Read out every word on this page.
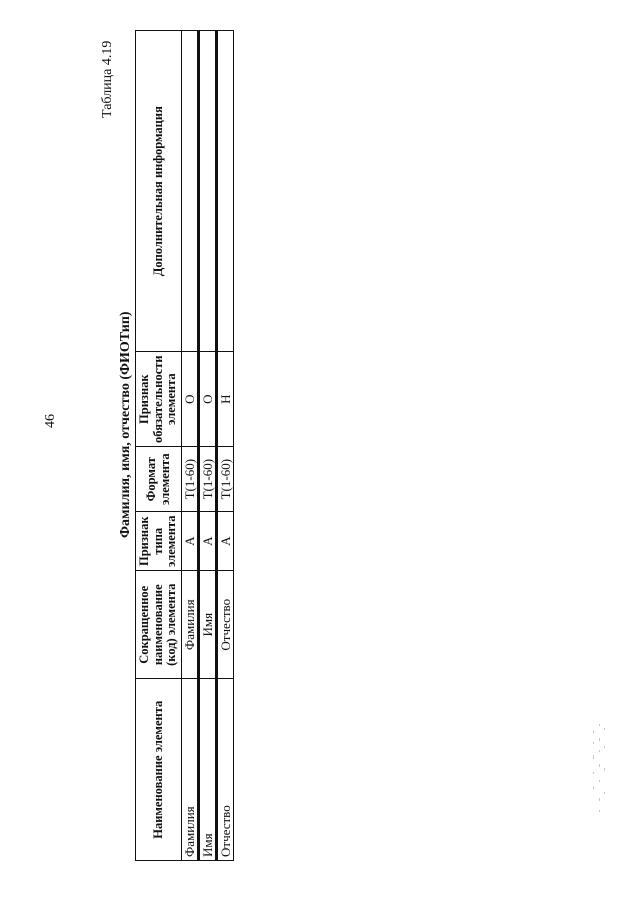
46
Таблица 4.19
Фамилия, имя, отчество (ФИОТип)
Наименование элемента	Сокращенное наименование (код) элемента	Признак типа элемента	Формат элемента	Признак обязательности элемента	Дополнительная информация
Фамилия	Фамилия	A	T(1-60)	О	
Имя	Имя	A	T(1-60)	О	
Отчество	Отчество	A	T(1-60)	Н	
